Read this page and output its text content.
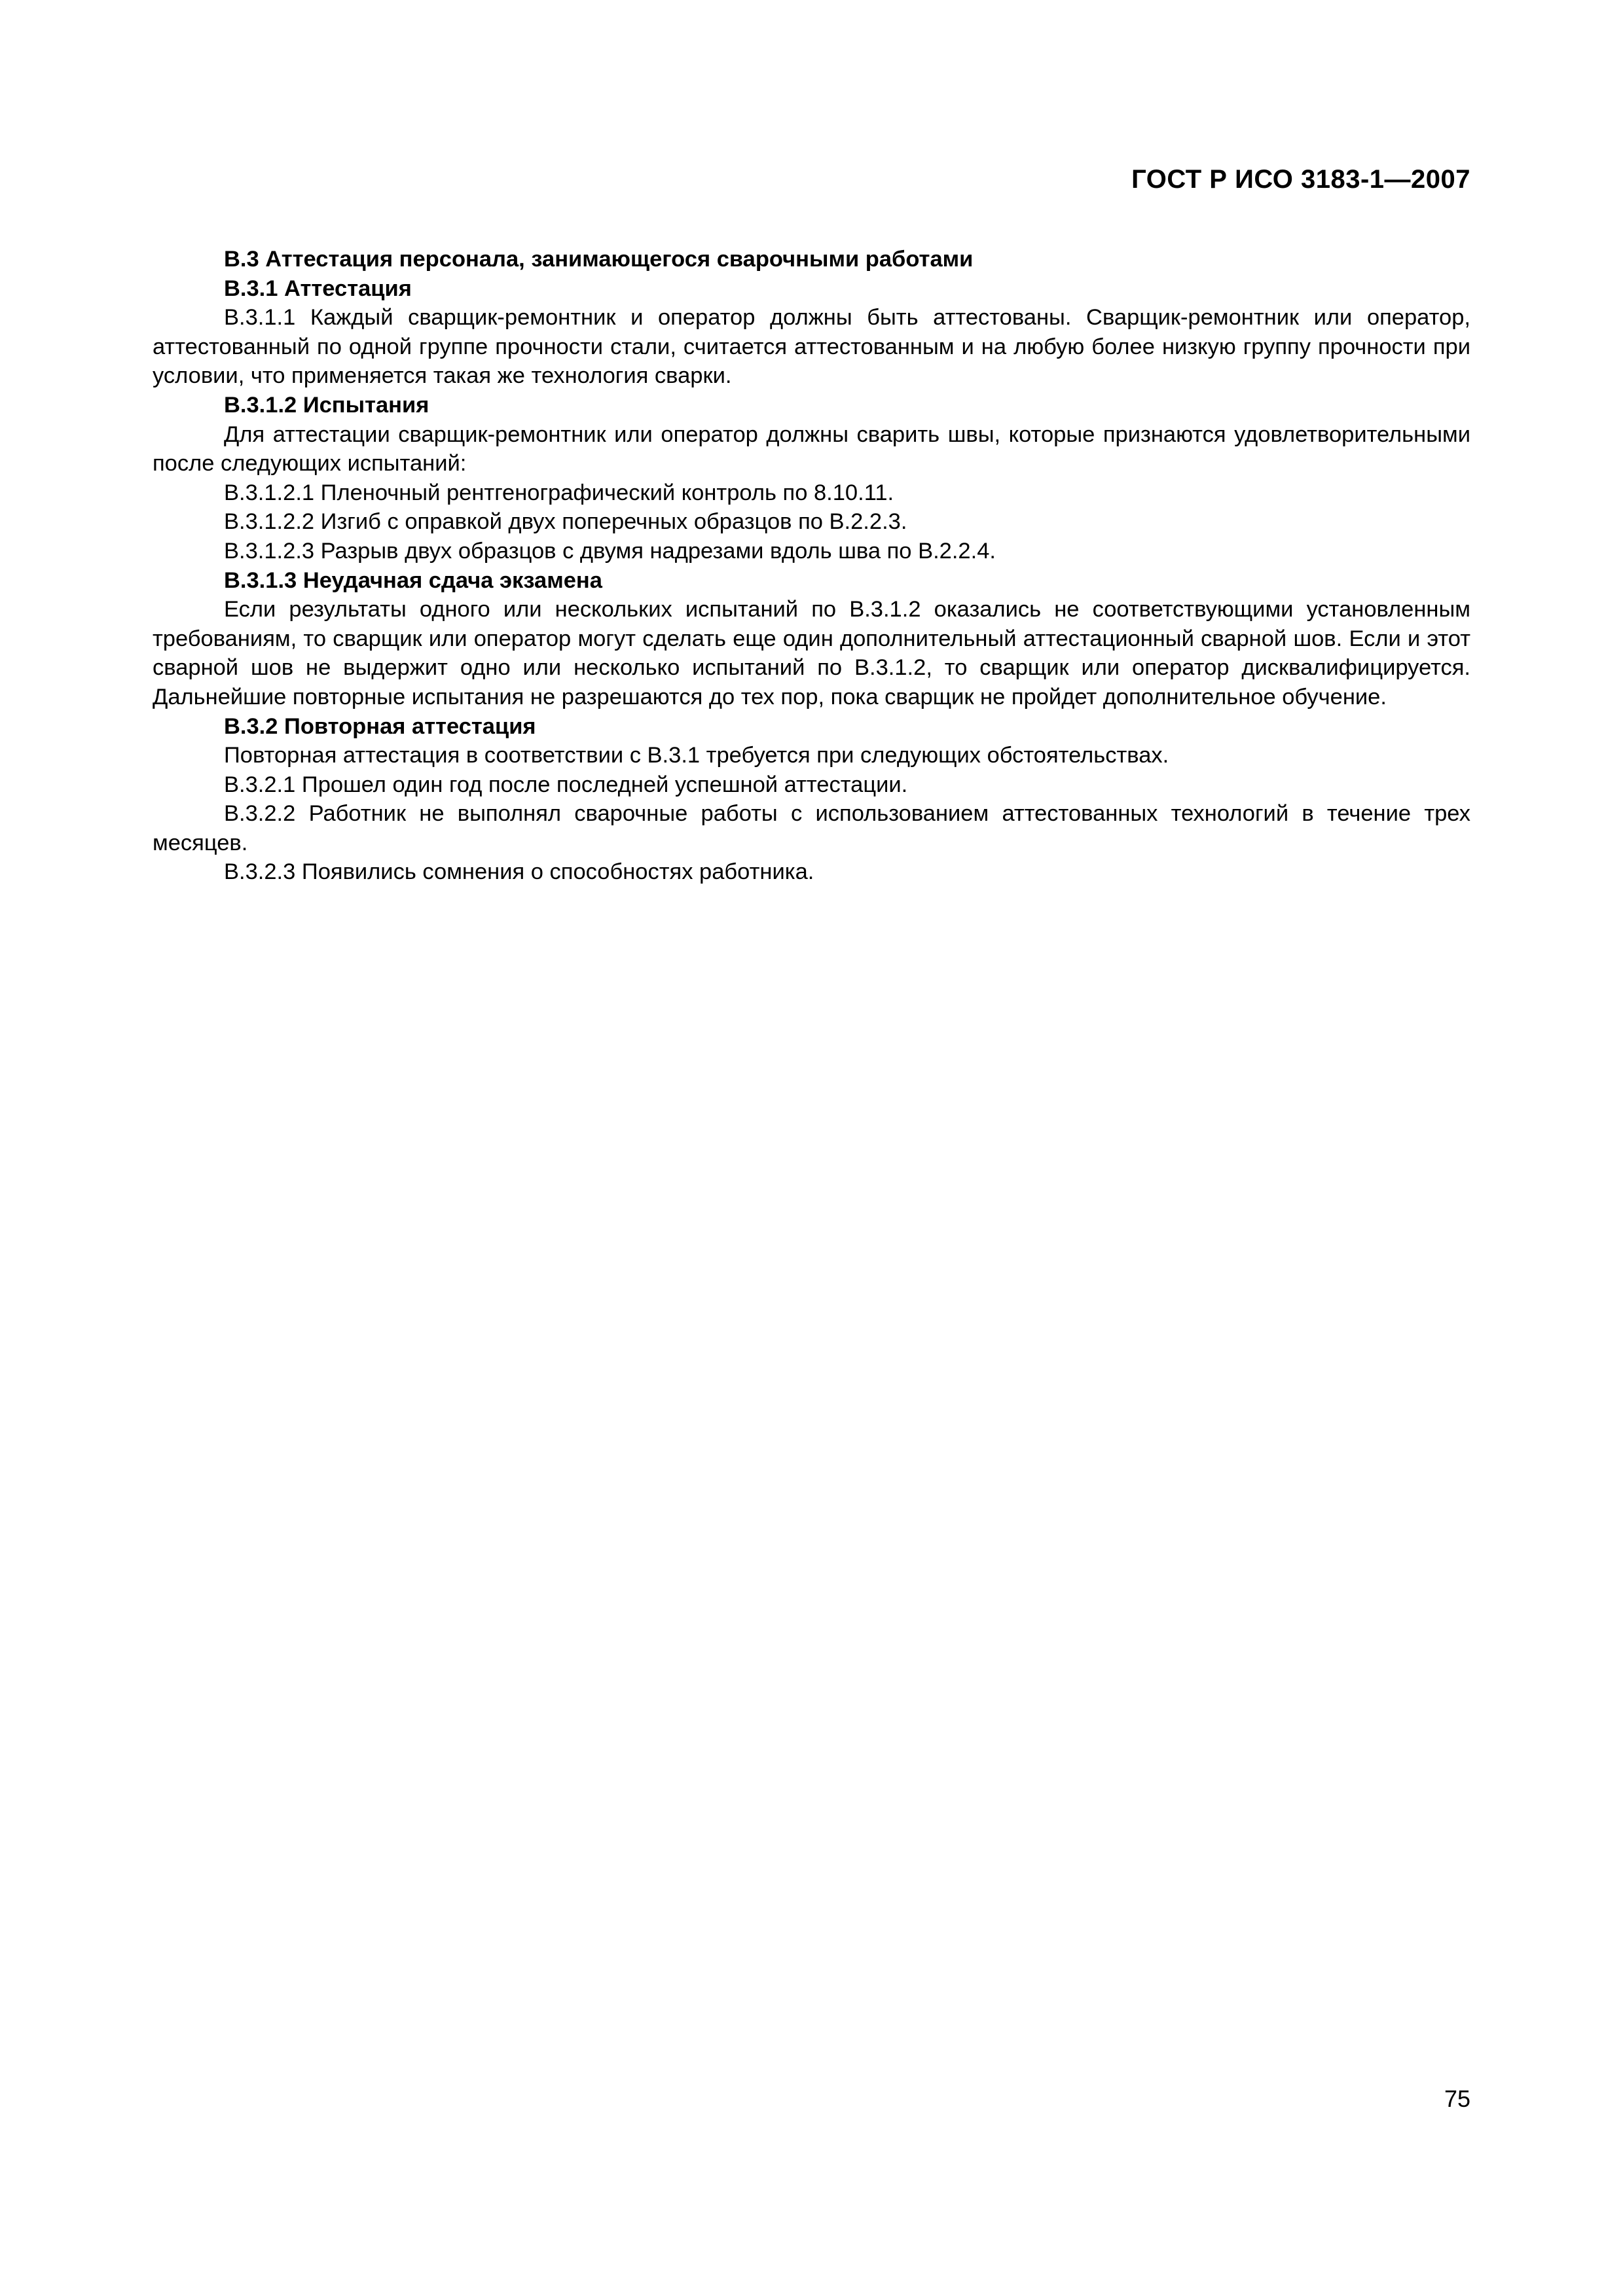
ГОСТ Р ИСО 3183-1—2007
B.3 Аттестация персонала, занимающегося сварочными работами
B.3.1 Аттестация

B.3.1.1 Каждый сварщик-ремонтник и оператор должны быть аттестованы. Сварщик-ремонтник или оператор, аттестованный по одной группе прочности стали, считается аттестованным и на любую более низкую группу прочности при условии, что применяется такая же технология сварки.

B.3.1.2 Испытания

Для аттестации сварщик-ремонтник или оператор должны сварить швы, которые признаются удовлетворительными после следующих испытаний:

B.3.1.2.1 Пленочный рентгенографический контроль по 8.10.11.

B.3.1.2.2 Изгиб с оправкой двух поперечных образцов по B.2.2.3.

B.3.1.2.3 Разрыв двух образцов с двумя надрезами вдоль шва по B.2.2.4.

B.3.1.3 Неудачная сдача экзамена

Если результаты одного или нескольких испытаний по B.3.1.2 оказались не соответствующими установленным требованиям, то сварщик или оператор могут сделать еще один дополнительный аттестационный сварной шов. Если и этот сварной шов не выдержит одно или несколько испытаний по B.3.1.2, то сварщик или оператор дисквалифицируется. Дальнейшие повторные испытания не разрешаются до тех пор, пока сварщик не пройдет дополнительное обучение.

B.3.2 Повторная аттестация

Повторная аттестация в соответствии с B.3.1 требуется при следующих обстоятельствах.

B.3.2.1 Прошел один год после последней успешной аттестации.

B.3.2.2 Работник не выполнял сварочные работы с использованием аттестованных технологий в течение трех месяцев.

B.3.2.3 Появились сомнения о способностях работника.

75
